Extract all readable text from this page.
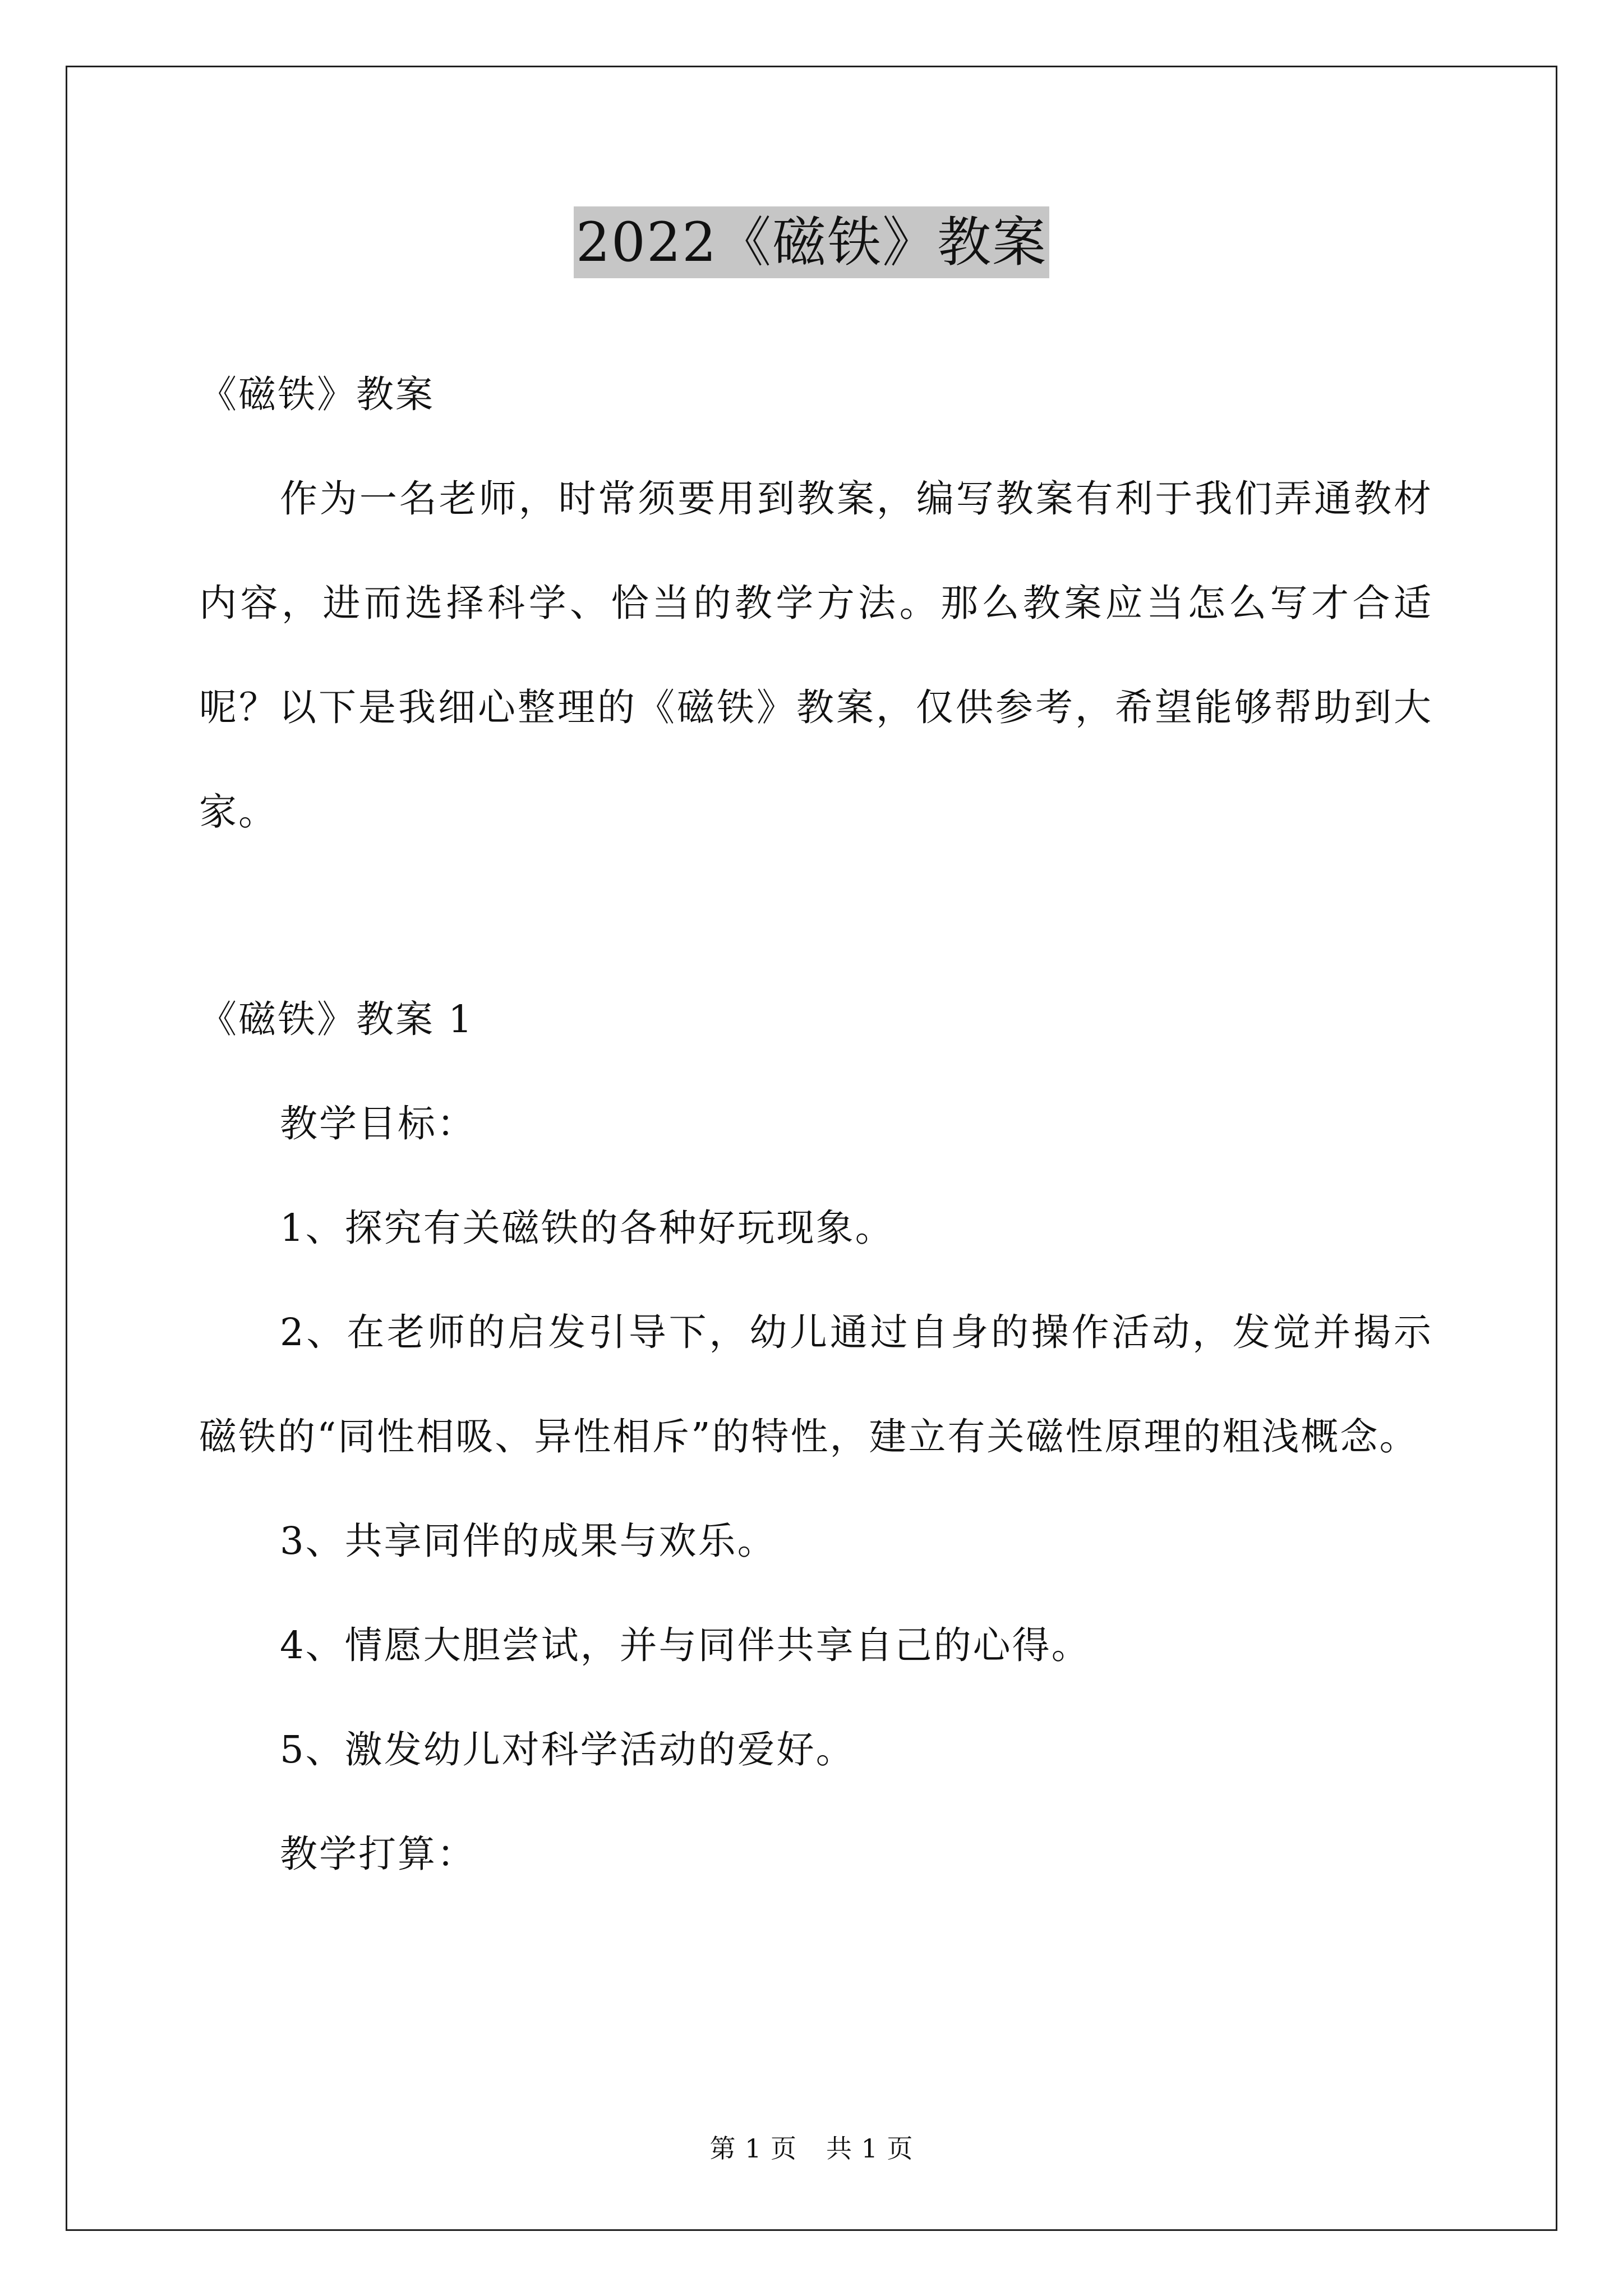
2022《磁铁》教案

《磁铁》教案

作为一名老师，时常须要用到教案，编写教案有利于我们弄通教材内容，进而选择科学、恰当的教学方法。那么教案应当怎么写才合适呢？以下是我细心整理的《磁铁》教案，仅供参考，希望能够帮助到大家。

《磁铁》教案 1

教学目标：

1、探究有关磁铁的各种好玩现象。

2、在老师的启发引导下，幼儿通过自身的操作活动，发觉并揭示磁铁的“同性相吸、异性相斥”的特性，建立有关磁性原理的粗浅概念。

3、共享同伴的成果与欢乐。

4、情愿大胆尝试，并与同伴共享自己的心得。

5、激发幼儿对科学活动的爱好。

教学打算：

第 1 页 共 1 页
